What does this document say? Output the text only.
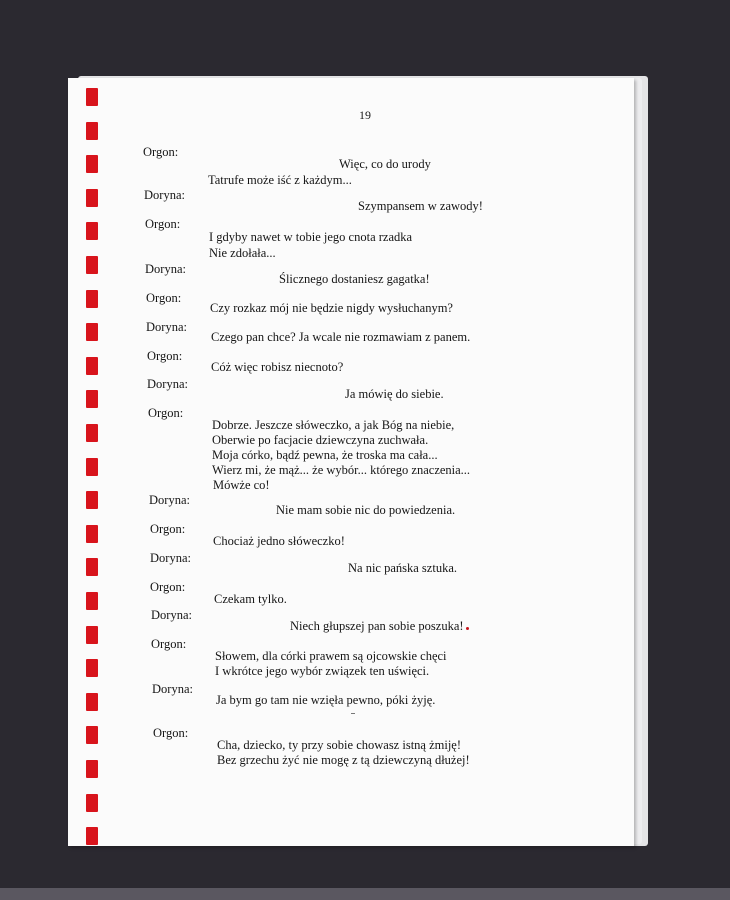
19
Orgon:
Doryna:
Orgon:
Doryna:
Orgon:
Doryna:
Orgon:
Doryna:
Orgon:
Doryna:
Orgon:
Doryna:
Orgon:
Doryna:
Orgon:
Doryna:
Orgon:
Więc, co do urody
Tatrufe może iść z każdym...
Szympansem w zawody!
I gdyby nawet w tobie jego cnota rzadka
Nie zdołała...
Ślicznego dostaniesz gagatka!
Czy rozkaz mój nie będzie nigdy wysłuchanym?
Czego pan chce? Ja wcale nie rozmawiam z panem.
Cóż więc robisz niecnoto?
Ja mówię do siebie.
Dobrze. Jeszcze słóweczko, a jak Bóg na niebie,
Oberwie po facjacie dziewczyna zuchwała.
Moja córko, bądź pewna, że troska ma cała...
Wierz mi, że mąż... że wybór... którego znaczenia...
Mówże co!
Nie mam sobie nic do powiedzenia.
Chociaż jedno słóweczko!
Na nic pańska sztuka.
Czekam tylko.
Niech głupszej pan sobie poszuka!
Słowem, dla córki prawem są ojcowskie chęci
I wkrótce jego wybór związek ten uświęci.
Ja bym go tam nie wzięła pewno, póki żyję.
Cha, dziecko, ty przy sobie chowasz istną żmiję!
Bez grzechu żyć nie mogę z tą dziewczyną dłużej!
